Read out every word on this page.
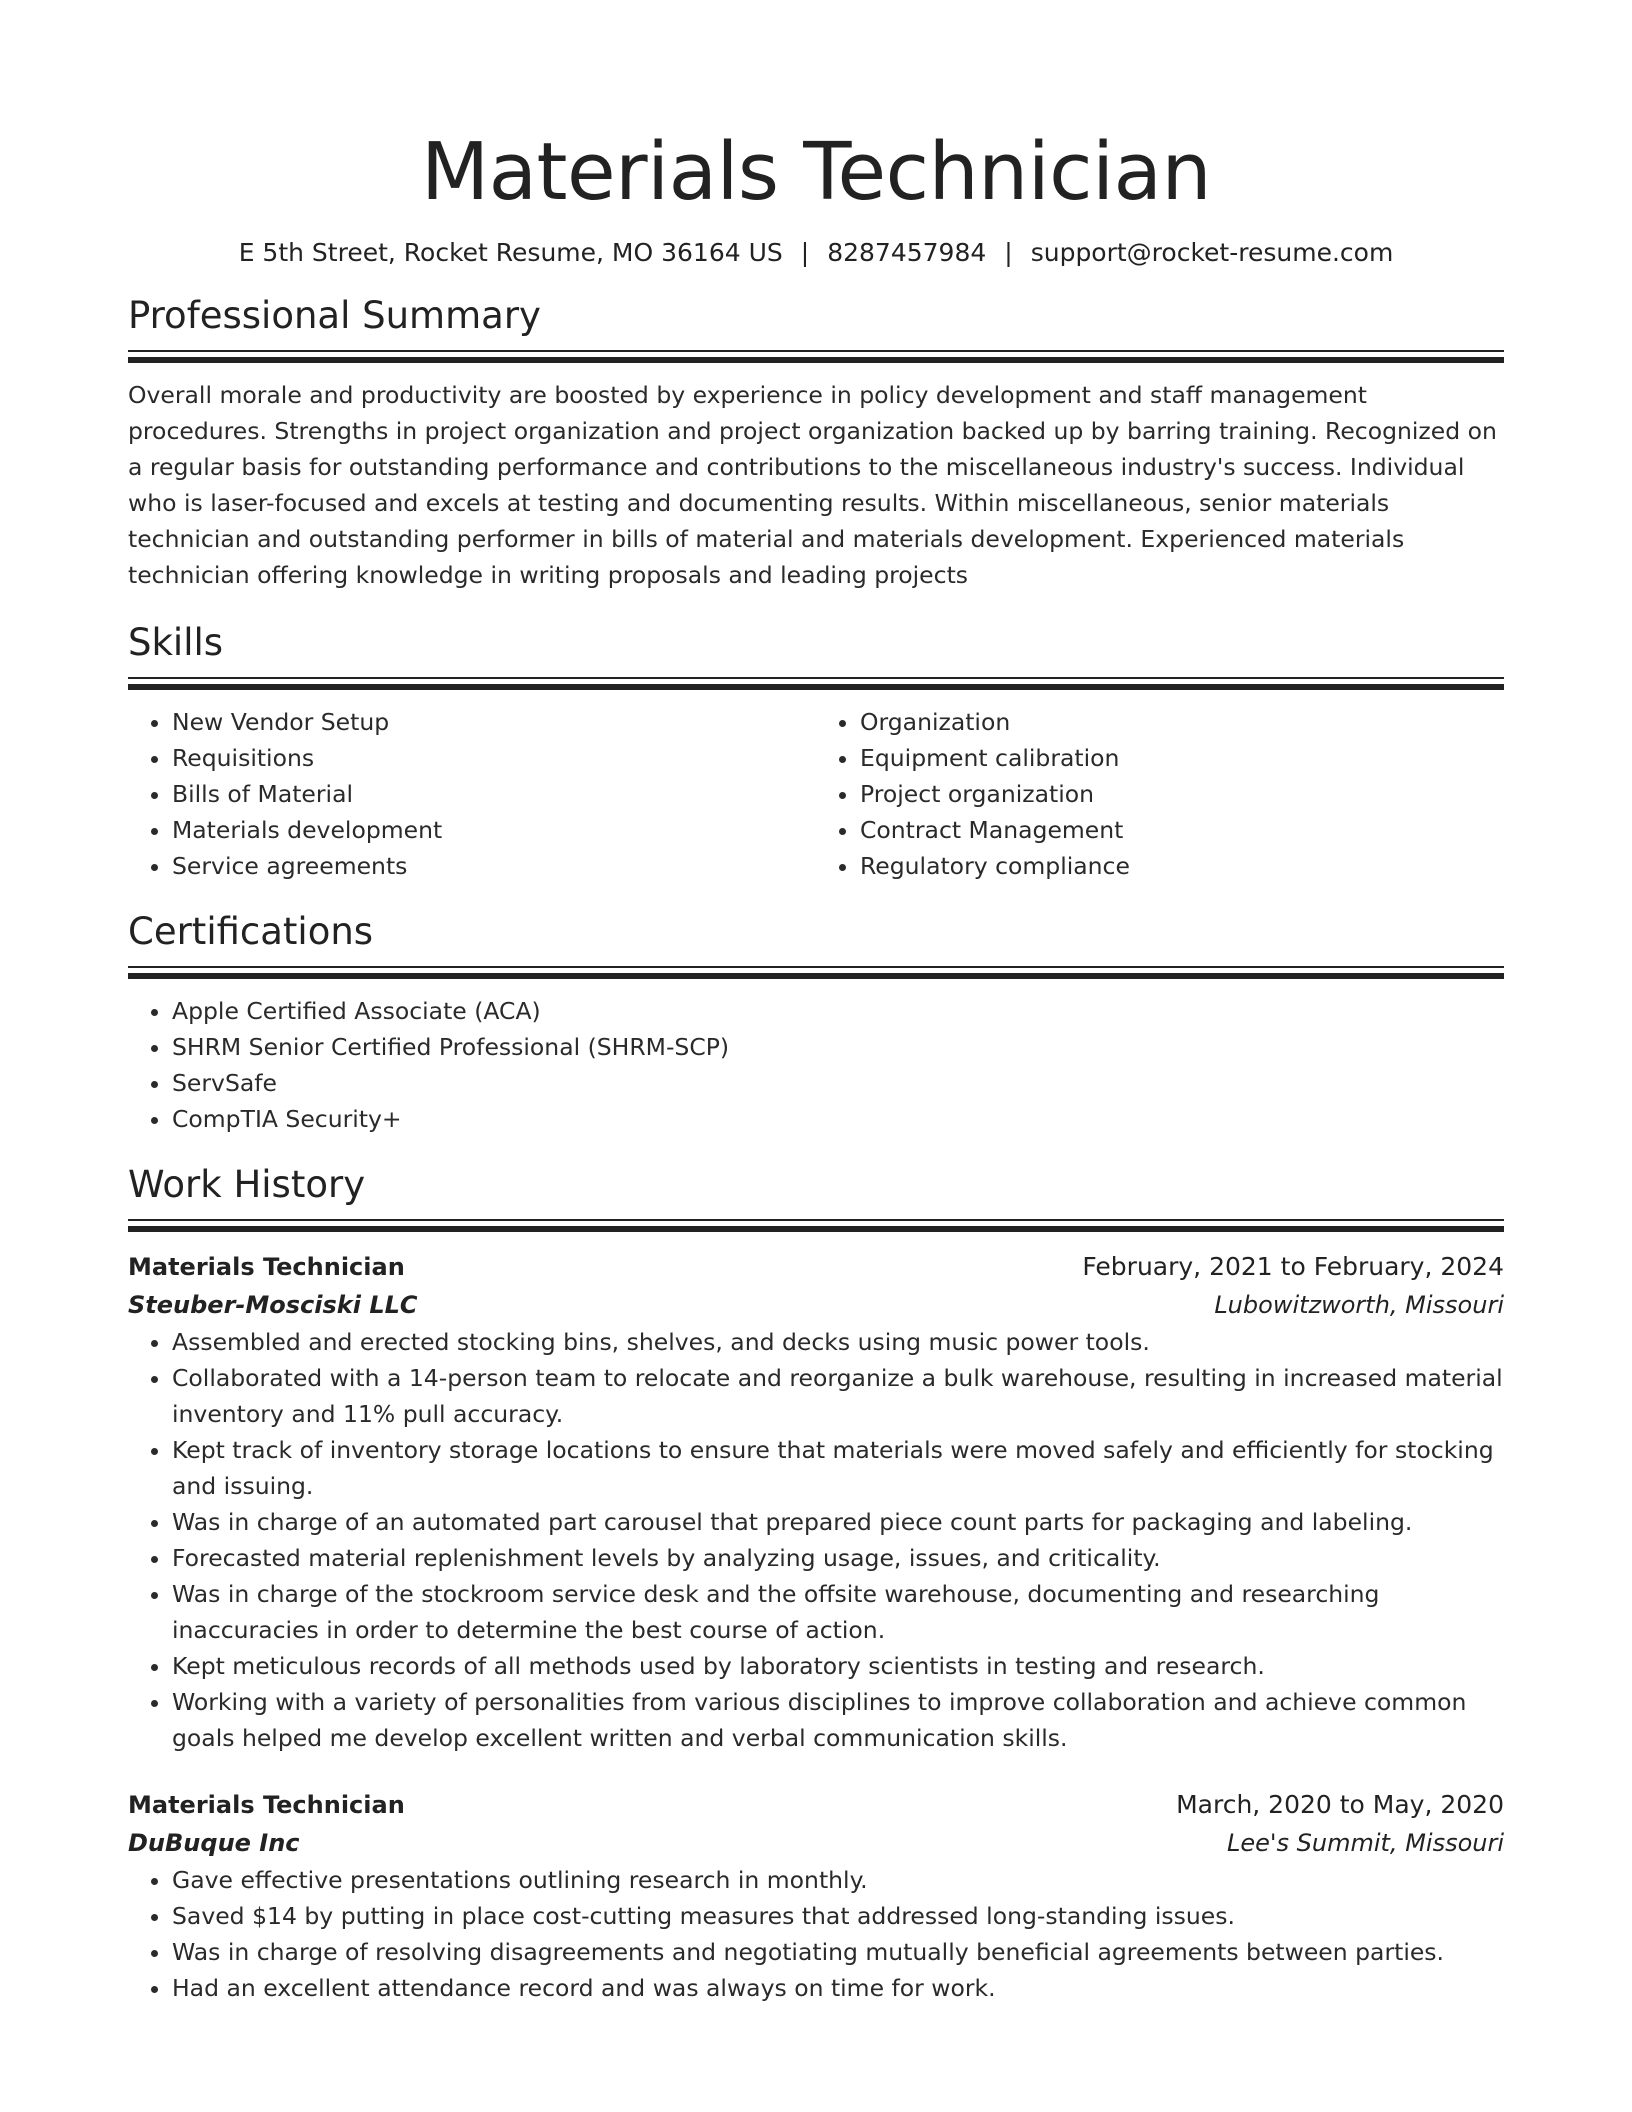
Materials Technician
E 5th Street, Rocket Resume, MO 36164 US | 8287457984 | support@rocket-resume.com
Professional Summary

Overall morale and productivity are boosted by experience in policy development and staff management procedures. Strengths in project organization and project organization backed up by barring training. Recognized on a regular basis for outstanding performance and contributions to the miscellaneous industry's success. Individual who is laser-focused and excels at testing and documenting results. Within miscellaneous, senior materials technician and outstanding performer in bills of material and materials development. Experienced materials technician offering knowledge in writing proposals and leading projects

Skills
• New Vendor Setup
• Requisitions
• Bills of Material
• Materials development
• Service agreements
• Organization
• Equipment calibration
• Project organization
• Contract Management
• Regulatory compliance
Certifications
• Apple Certified Associate (ACA)
• SHRM Senior Certified Professional (SHRM-SCP)
• ServSafe
• CompTIA Security+
Work History
Materials Technician	February, 2021 to February, 2024
Steuber-Mosciski LLC	Lubowitzworth, Missouri
• Assembled and erected stocking bins, shelves, and decks using music power tools.
• Collaborated with a 14-person team to relocate and reorganize a bulk warehouse, resulting in increased material inventory and 11% pull accuracy.
• Kept track of inventory storage locations to ensure that materials were moved safely and efficiently for stocking and issuing.
• Was in charge of an automated part carousel that prepared piece count parts for packaging and labeling.
• Forecasted material replenishment levels by analyzing usage, issues, and criticality.
• Was in charge of the stockroom service desk and the offsite warehouse, documenting and researching inaccuracies in order to determine the best course of action.
• Kept meticulous records of all methods used by laboratory scientists in testing and research.
• Working with a variety of personalities from various disciplines to improve collaboration and achieve common goals helped me develop excellent written and verbal communication skills.
Materials Technician	March, 2020 to May, 2020
DuBuque Inc	Lee's Summit, Missouri
• Gave effective presentations outlining research in monthly.
• Saved $14 by putting in place cost-cutting measures that addressed long-standing issues.
• Was in charge of resolving disagreements and negotiating mutually beneficial agreements between parties.
• Had an excellent attendance record and was always on time for work.
